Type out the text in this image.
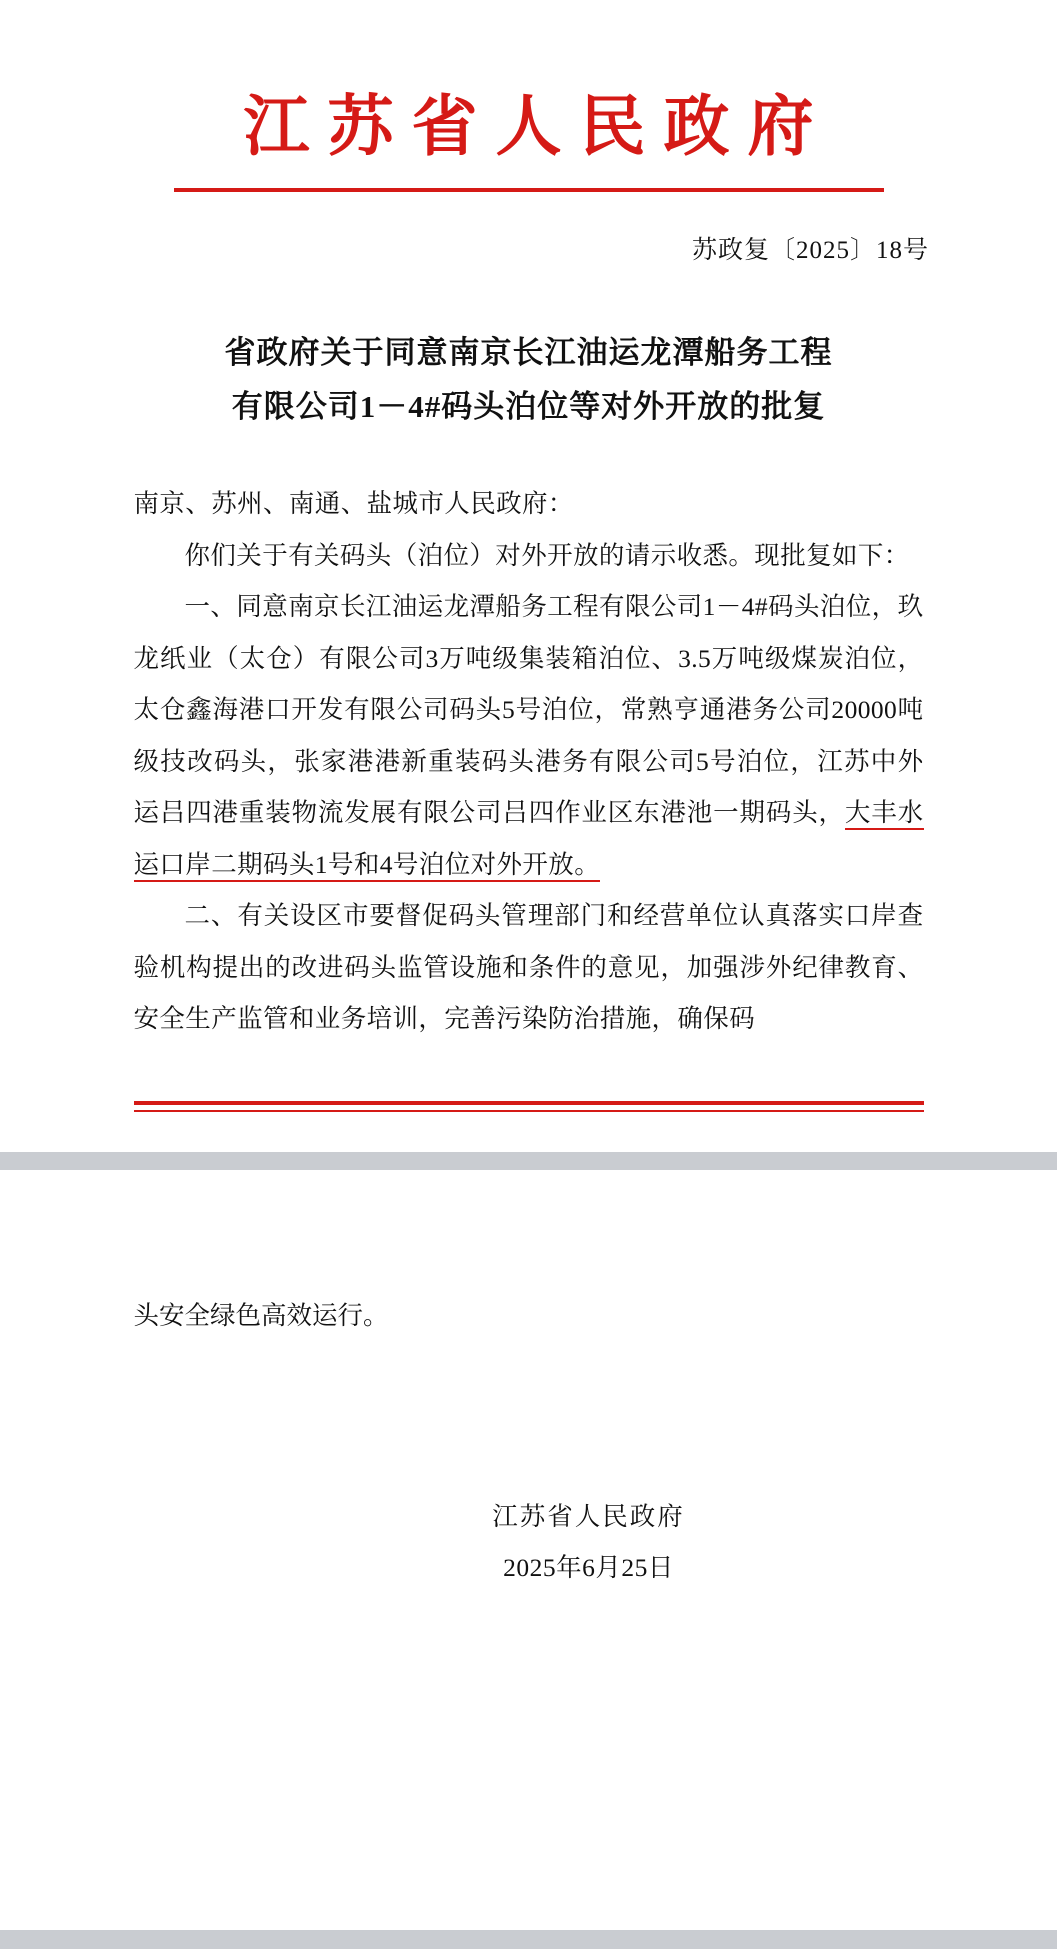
江苏省人民政府
苏政复〔2025〕18号
省政府关于同意南京长江油运龙潭船务工程
有限公司1－4#码头泊位等对外开放的批复

南京、苏州、南通、盐城市人民政府：

你们关于有关码头（泊位）对外开放的请示收悉。现批复如下：

一、同意南京长江油运龙潭船务工程有限公司1－4#码头泊位，玖龙纸业（太仓）有限公司3万吨级集装箱泊位、3.5万吨级煤炭泊位，太仓鑫海港口开发有限公司码头5号泊位，常熟亨通港务公司20000吨级技改码头，张家港港新重装码头港务有限公司5号泊位，江苏中外运吕四港重装物流发展有限公司吕四作业区东港池一期码头，大丰水运口岸二期码头1号和4号泊位对外开放。

二、有关设区市要督促码头管理部门和经营单位认真落实口岸查验机构提出的改进码头监管设施和条件的意见，加强涉外纪律教育、安全生产监管和业务培训，完善污染防治措施，确保码

头安全绿色高效运行。
江苏省人民政府
2025年6月25日
